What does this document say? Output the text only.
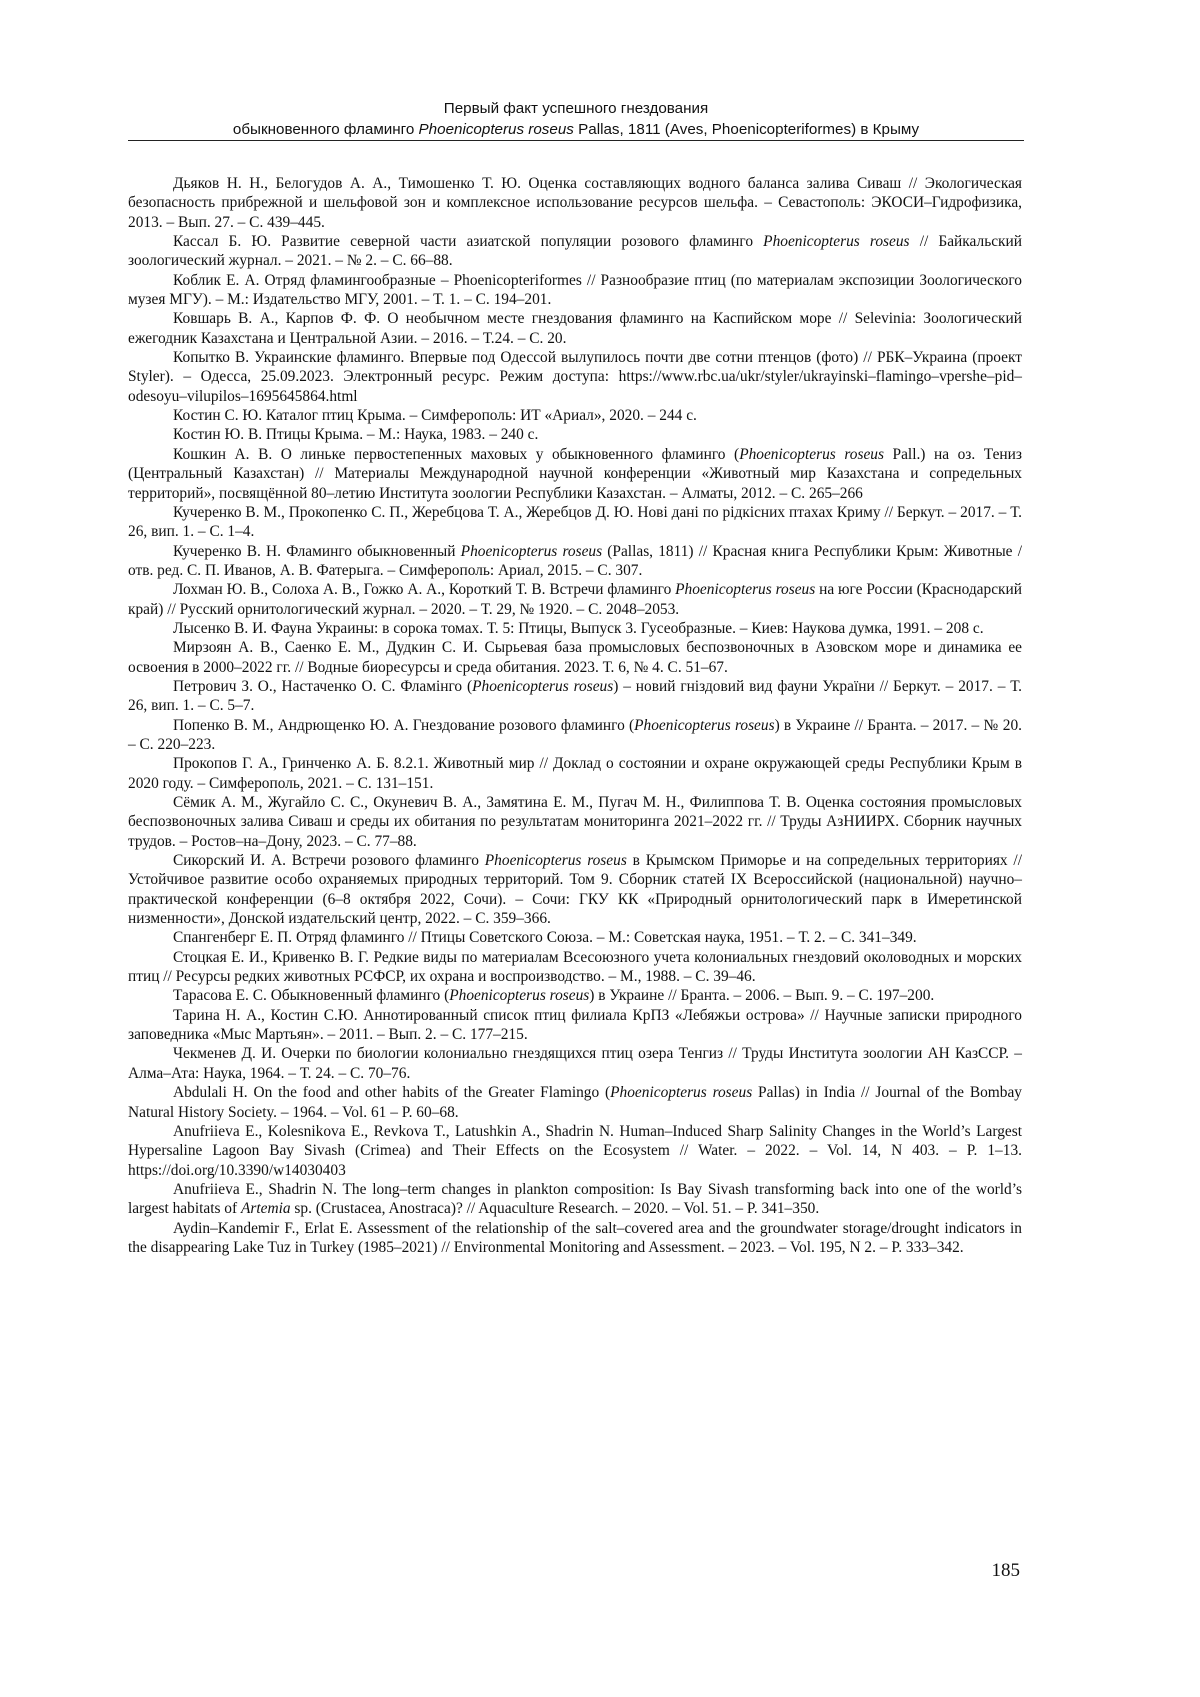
Первый факт успешного гнездования
обыкновенного фламинго Phoenicopterus roseus Pallas, 1811 (Aves, Phoenicopteriformes) в Крыму

Дьяков Н. Н., Белогудов А. А., Тимошенко Т. Ю. Оценка составляющих водного баланса залива Сиваш // Экологическая безопасность прибрежной и шельфовой зон и комплексное использование ресурсов шельфа. – Севастополь: ЭКОСИ–Гидрофизика, 2013. – Вып. 27. – С. 439–445.

Кассал Б. Ю. Развитие северной части азиатской популяции розового фламинго Phoenicopterus roseus // Байкальский зоологический журнал. – 2021. – № 2. – С. 66–88.

Коблик Е. А. Отряд фламингообразные – Phoenicopteriformes // Разнообразие птиц (по материалам экспозиции Зоологического музея МГУ). – М.: Издательство МГУ, 2001. – Т. 1. – С. 194–201.

Ковшарь В. А., Карпов Ф. Ф. О необычном месте гнездования фламинго на Каспийском море // Selevinia: Зоологический ежегодник Казахстана и Центральной Азии. – 2016. – Т.24. – С. 20.

Копытко В. Украинские фламинго. Впервые под Одессой вылупилось почти две сотни птенцов (фото) // РБК–Украина (проект Styler). – Одесса, 25.09.2023. Электронный ресурс. Режим доступа: https://www.rbc.ua/ukr/styler/ukrayinski–flamingo–vpershe–pid–odesoyu–vilupilos–1695645864.html

Костин С. Ю. Каталог птиц Крыма. – Симферополь: ИТ «Ариал», 2020. – 244 с.

Костин Ю. В. Птицы Крыма. – М.: Наука, 1983. – 240 с.

Кошкин А. В. О линьке первостепенных маховых у обыкновенного фламинго (Phoenicopterus roseus Pall.) на оз. Тениз (Центральный Казахстан) // Материалы Международной научной конференции «Животный мир Казахстана и сопредельных территорий», посвящённой 80–летию Института зоологии Республики Казахстан. – Алматы, 2012. – С. 265–266

Кучеренко В. М., Прокопенко С. П., Жеребцова Т. А., Жеребцов Д. Ю. Нові дані по рідкісних птахах Криму // Беркут. – 2017. – Т. 26, вип. 1. – С. 1–4.

Кучеренко В. Н. Фламинго обыкновенный Phoenicopterus roseus (Pallas, 1811) // Красная книга Республики Крым: Животные / отв. ред. С. П. Иванов, А. В. Фатерыга. – Симферополь: Ариал, 2015. – С. 307.

Лохман Ю. В., Солоха А. В., Гожко А. А., Короткий Т. В. Встречи фламинго Phoenicopterus roseus на юге России (Краснодарский край) // Русский орнитологический журнал. – 2020. – Т. 29, № 1920. – С. 2048–2053.

Лысенко В. И. Фауна Украины: в сорока томах. Т. 5: Птицы, Выпуск 3. Гусеобразные. – Киев: Наукова думка, 1991. – 208 с.

Мирзоян А. В., Саенко Е. М., Дудкин С. И. Сырьевая база промысловых беспозвоночных в Азовском море и динамика ее освоения в 2000–2022 гг. // Водные биоресурсы и среда обитания. 2023. Т. 6, № 4. С. 51–67.

Петрович З. О., Настаченко О. С. Фламінго (Phoenicopterus roseus) – новий гніздовий вид фауни України // Беркут. – 2017. – Т. 26, вип. 1. – С. 5–7.

Попенко В. М., Андрющенко Ю. А. Гнездование розового фламинго (Phoenicopterus roseus) в Украине // Бранта. – 2017. – № 20. – С. 220–223.

Прокопов Г. А., Гринченко А. Б. 8.2.1. Животный мир // Доклад о состоянии и охране окружающей среды Республики Крым в 2020 году. – Симферополь, 2021. – С. 131–151.

Сёмик А. М., Жугайло С. С., Окуневич В. А., Замятина Е. М., Пугач М. Н., Филиппова Т. В. Оценка состояния промысловых беспозвоночных залива Сиваш и среды их обитания по результатам мониторинга 2021–2022 гг. // Труды АзНИИРХ. Сборник научных трудов. – Ростов–на–Дону, 2023. – С. 77–88.

Сикорский И. А. Встречи розового фламинго Phoenicopterus roseus в Крымском Приморье и на сопредельных территориях // Устойчивое развитие особо охраняемых природных территорий. Том 9. Сборник статей IX Всероссийской (национальной) научно–практической конференции (6–8 октября 2022, Сочи). – Сочи: ГКУ КК «Природный орнитологический парк в Имеретинской низменности», Донской издательский центр, 2022. – С. 359–366.

Спангенберг Е. П. Отряд фламинго // Птицы Советского Союза. – М.: Советская наука, 1951. – Т. 2. – С. 341–349.

Стоцкая Е. И., Кривенко В. Г. Редкие виды по материалам Всесоюзного учета колониальных гнездовий околоводных и морских птиц // Ресурсы редких животных РСФСР, их охрана и воспроизводство. – М., 1988. – С. 39–46.

Тарасова Е. С. Обыкновенный фламинго (Phoenicopterus roseus) в Украине // Бранта. – 2006. – Вып. 9. – С. 197–200.

Тарина Н. А., Костин С.Ю. Аннотированный список птиц филиала КрПЗ «Лебяжьи острова» // Научные записки природного заповедника «Мыс Мартьян». – 2011. – Вып. 2. – С. 177–215.

Чекменев Д. И. Очерки по биологии колониально гнездящихся птиц озера Тенгиз // Труды Института зоологии АН КазССР. – Алма–Ата: Наука, 1964. – Т. 24. – С. 70–76.

Abdulali H. On the food and other habits of the Greater Flamingo (Phoenicopterus roseus Pallas) in India // Journal of the Bombay Natural History Society. – 1964. – Vol. 61 – P. 60–68.

Anufriieva E., Kolesnikova E., Revkova T., Latushkin A., Shadrin N. Human–Induced Sharp Salinity Changes in the World’s Largest Hypersaline Lagoon Bay Sivash (Crimea) and Their Effects on the Ecosystem // Water. – 2022. – Vol. 14, N 403. – P. 1–13. https://doi.org/10.3390/w14030403

Anufriieva E., Shadrin N. The long–term changes in plankton composition: Is Bay Sivash transforming back into one of the world’s largest habitats of Artemia sp. (Crustacea, Anostraca)? // Aquaculture Research. – 2020. – Vol. 51. – P. 341–350.

Aydin–Kandemir F., Erlat E. Assessment of the relationship of the salt–covered area and the groundwater storage/drought indicators in the disappearing Lake Tuz in Turkey (1985–2021) // Environmental Monitoring and Assessment. – 2023. – Vol. 195, N 2. – P. 333–342.

185
